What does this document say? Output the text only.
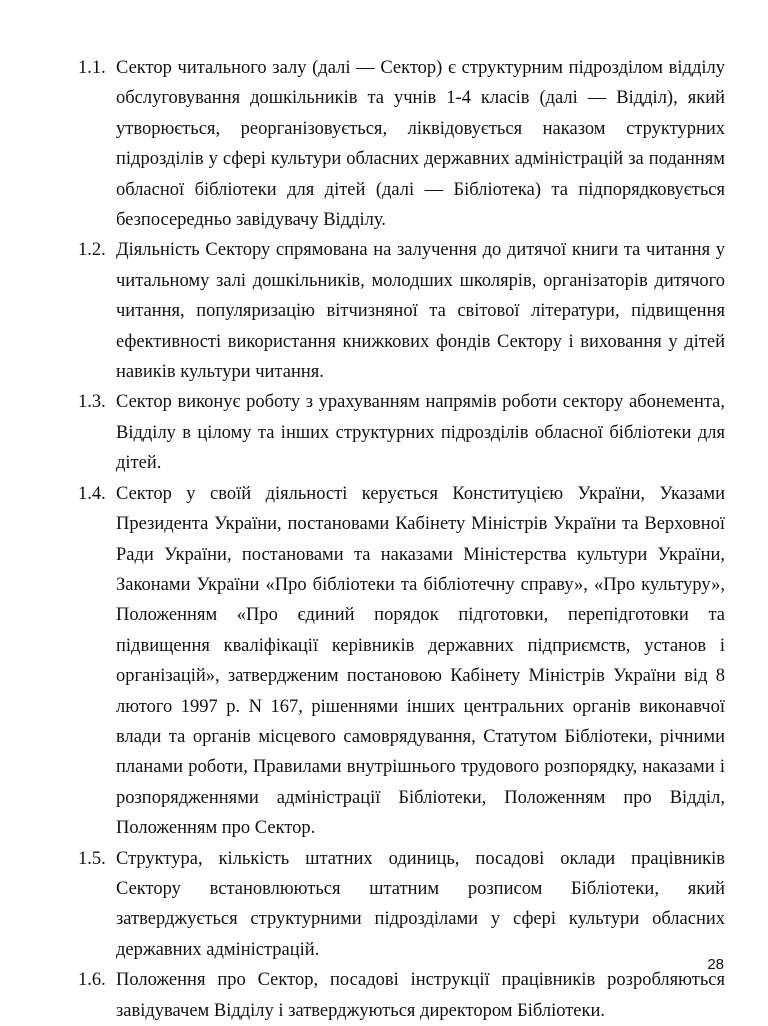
1.1. Сектор читального залу (далі — Сектор) є структурним підрозділом відділу обслуговування дошкільників та учнів 1-4 класів (далі — Відділ), який утворюється, реорганізовується, ліквідовується наказом структурних підрозділів у сфері культури обласних державних адміністрацій за поданням обласної бібліотеки для дітей (далі — Бібліотека) та підпорядковується безпосередньо завідувачу Відділу.
1.2. Діяльність Сектору спрямована на залучення до дитячої книги та читання у читальному залі дошкільників, молодших школярів, організаторів дитячого читання, популяризацію вітчизняної та світової літератури, підвищення ефективності використання книжкових фондів Сектору і виховання у дітей навиків культури читання.
1.3. Сектор виконує роботу з урахуванням напрямів роботи сектору абонемента, Відділу в цілому та інших структурних підрозділів обласної бібліотеки для дітей.
1.4. Сектор у своїй діяльності керується Конституцією України, Указами Президента України, постановами Кабінету Міністрів України та Верховної Ради України, постановами та наказами Міністерства культури України, Законами України «Про бібліотеки та бібліотечну справу», «Про культуру», Положенням «Про єдиний порядок підготовки, перепідготовки та підвищення кваліфікації керівників державних підприємств, установ і організацій», затвердженим постановою Кабінету Міністрів України від 8 лютого 1997 р. N 167, рішеннями інших центральних органів виконавчої влади та органів місцевого самоврядування, Статутом Бібліотеки, річними планами роботи, Правилами внутрішнього трудового розпорядку, наказами і розпорядженнями адміністрації Бібліотеки, Положенням про Відділ, Положенням про Сектор.
1.5. Структура, кількість штатних одиниць, посадові оклади працівників Сектору встановлюються штатним розписом Бібліотеки, який затверджується структурними підрозділами у сфері культури обласних державних адміністрацій.
1.6. Положення про Сектор, посадові інструкції працівників розробляються завідувачем Відділу і затверджуються директором Бібліотеки.
28
